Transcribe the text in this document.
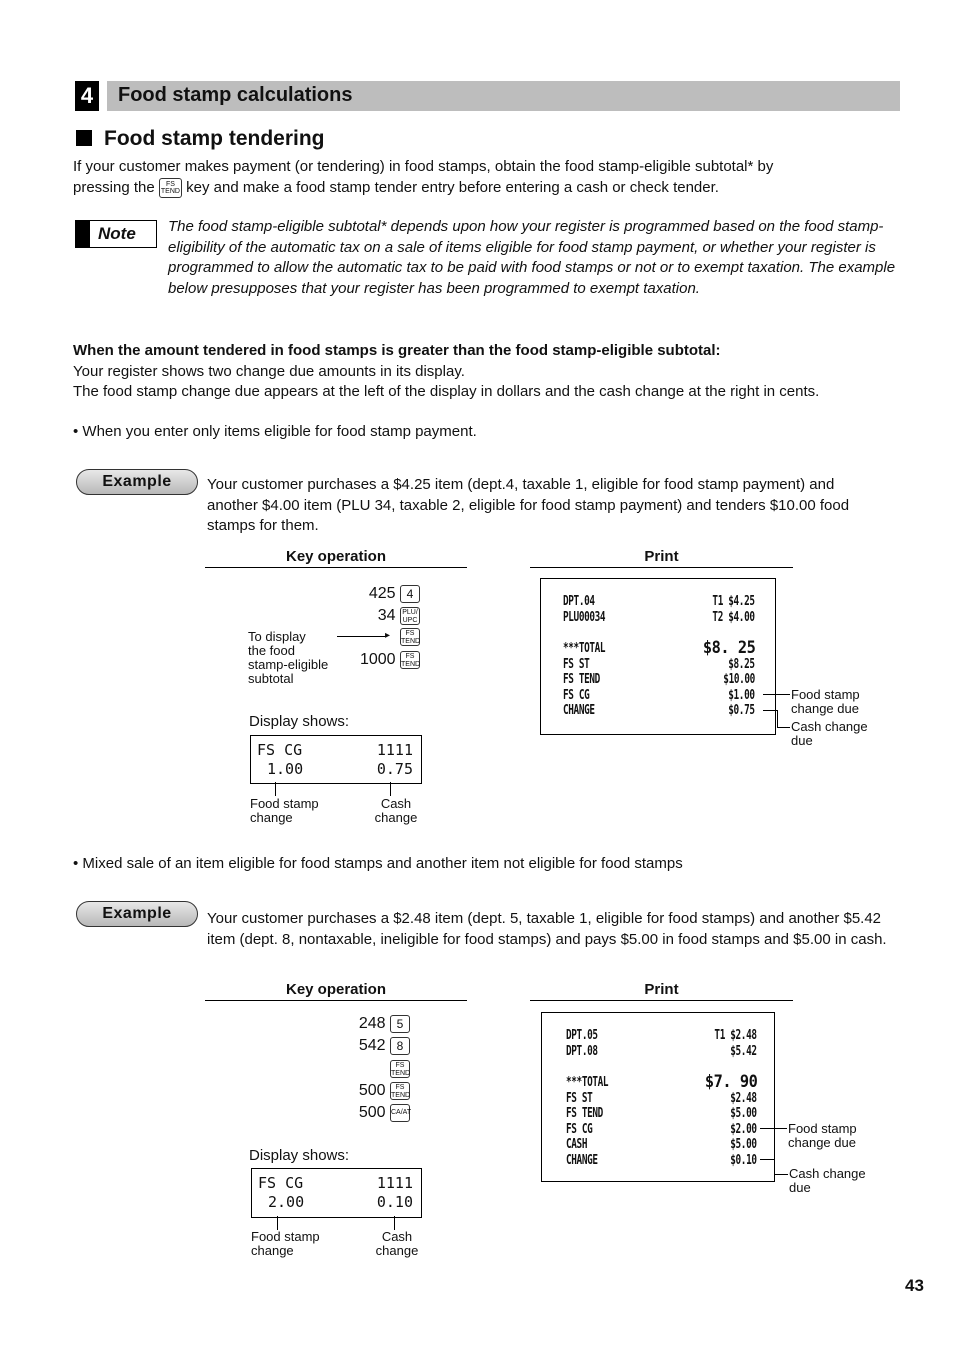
4 Food stamp calculations
Food stamp tendering
If your customer makes payment (or tendering) in food stamps, obtain the food stamp-eligible subtotal* by
pressing the FS
TEND key and make a food stamp tender entry before entering a cash or check tender.
Note The food stamp-eligible subtotal* depends upon how your register is programmed based on the food stamp-eligibility of the automatic tax on a sale of items eligible for food stamp payment, or whether your register is programmed to allow the automatic tax to be paid with food stamps or not or to exempt taxation. The example below presupposes that your register has been programmed to exempt taxation.
When the amount tendered in food stamps is greater than the food stamp-eligible subtotal:
Your register shows two change due amounts in its display.
The food stamp change due appears at the left of the display in dollars and the cash change at the right in cents.
• When you enter only items eligible for food stamp payment.
Example	Your customer purchases a $4.25 item (dept.4, taxable 1, eligible for food stamp payment) and another $4.00 item (PLU 34, taxable 2, eligible for food stamp payment) and tenders $10.00 food stamps for them.
Key operation	Print
425 4
34 PLU/
UPC
FS
TEND
1000 FS
TEND
To display
the food
stamp-eligible
subtotal
▸
Display shows:
FS CG	1111
1.00	0.75
Food stamp
change
Cash
change
DPT.04	T1 $4.25
PLU00034	T2 $4.00
***TOTAL	$8. 25
FS ST	$8.25
FS TEND	$10.00
FS CG	$1.00
CHANGE	$0.75
Food stamp
change due
Cash change
due
• Mixed sale of an item eligible for food stamps and another item not eligible for food stamps
Example	Your customer purchases a $2.48 item (dept. 5, taxable 1, eligible for food stamps) and another $5.42 item (dept. 8, nontaxable, ineligible for food stamps) and pays $5.00 in food stamps and $5.00 in cash.
Key operation	Print
248 5
542 8
FS
TEND
500 FS
TEND
500 CA/AT
Display shows:
FS CG	1111
2.00	0.10
Food stamp
change
Cash
change
DPT.05	T1 $2.48
DPT.08	$5.42
***TOTAL	$7. 90
FS ST	$2.48
FS TEND	$5.00
FS CG	$2.00
CASH	$5.00
CHANGE	$0.10
Food stamp
change due
Cash change
due
43
